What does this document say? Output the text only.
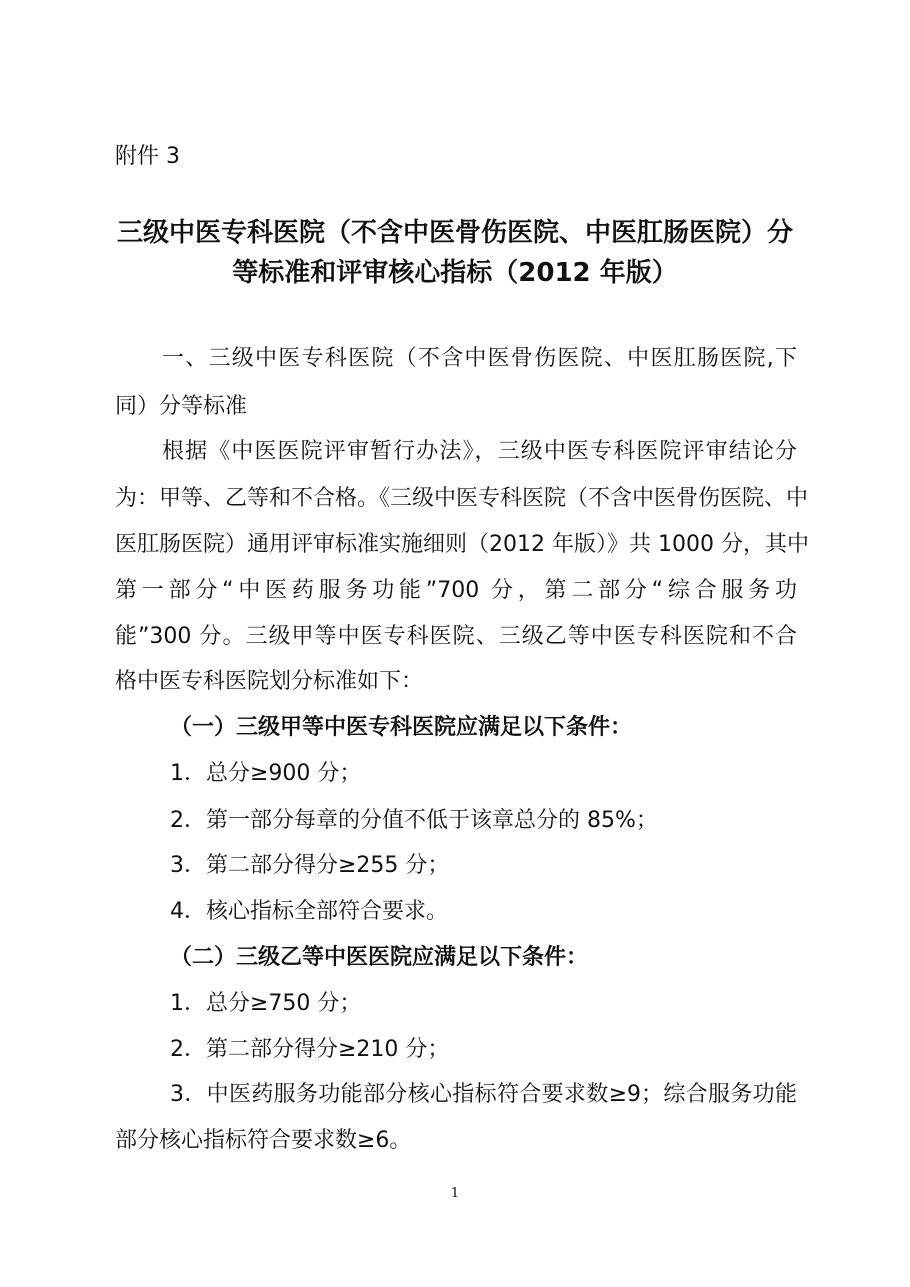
附件 3
三级中医专科医院（不含中医骨伤医院、中医肛肠医院）分
等标准和评审核心指标（2012 年版）
一、三级中医专科医院（不含中医骨伤医院、中医肛肠医院,下
同）分等标准
根据《中医医院评审暂行办法》，三级中医专科医院评审结论分
为：甲等、乙等和不合格。《三级中医专科医院（不含中医骨伤医院、中
医肛肠医院）通用评审标准实施细则（2012 年版）》共 1000 分，其中
第一部分“中医药服务功能”700 分，第二部分“综合服务功
能”300 分。三级甲等中医专科医院、三级乙等中医专科医院和不合
格中医专科医院划分标准如下：
（一）三级甲等中医专科医院应满足以下条件：
1．总分≥900 分；
2．第一部分每章的分值不低于该章总分的 85%；
3．第二部分得分≥255 分；
4．核心指标全部符合要求。
（二）三级乙等中医医院应满足以下条件：
1．总分≥750 分；
2．第二部分得分≥210 分；
3．中医药服务功能部分核心指标符合要求数≥9；综合服务功能
部分核心指标符合要求数≥6。
1
